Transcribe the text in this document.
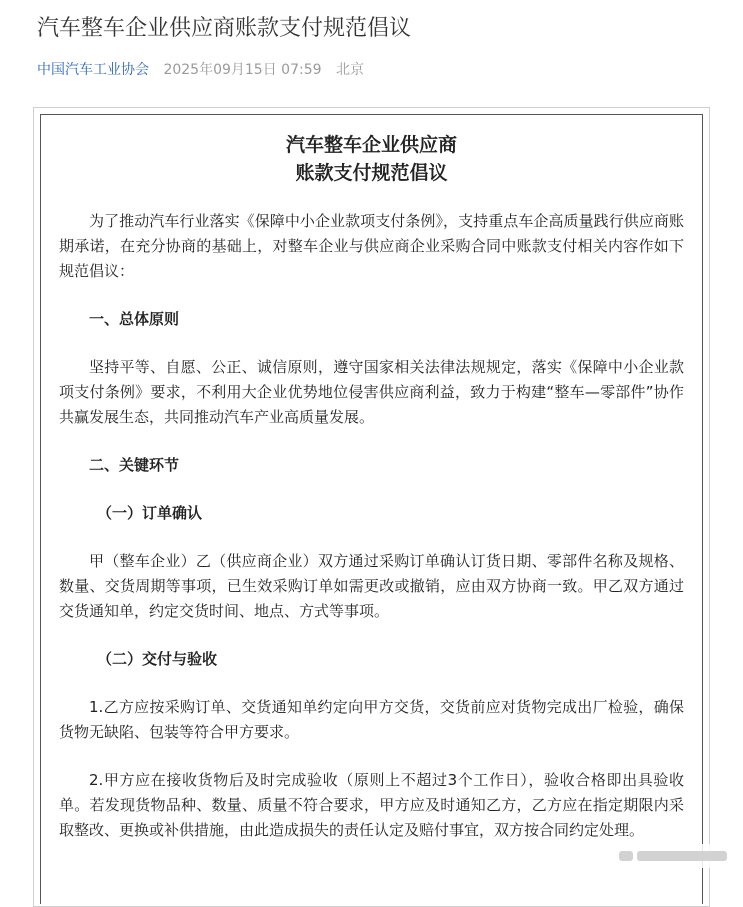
汽车整车企业供应商账款支付规范倡议
中国汽车工业协会 2025年09月15日 07:59 北京
汽车整车企业供应商
账款支付规范倡议

为了推动汽车行业落实《保障中小企业款项支付条例》，支持重点车企高质量践行供应商账期承诺，在充分协商的基础上，对整车企业与供应商企业采购合同中账款支付相关内容作如下规范倡议：

一、总体原则

坚持平等、自愿、公正、诚信原则，遵守国家相关法律法规规定，落实《保障中小企业款项支付条例》要求，不利用大企业优势地位侵害供应商利益，致力于构建“整车—零部件”协作共赢发展生态，共同推动汽车产业高质量发展。

二、关键环节

（一）订单确认

甲（整车企业）乙（供应商企业）双方通过采购订单确认订货日期、零部件名称及规格、数量、交货周期等事项，已生效采购订单如需更改或撤销，应由双方协商一致。甲乙双方通过交货通知单，约定交货时间、地点、方式等事项。

（二）交付与验收

1.乙方应按采购订单、交货通知单约定向甲方交货，交货前应对货物完成出厂检验，确保货物无缺陷、包装等符合甲方要求。

2.甲方应在接收货物后及时完成验收（原则上不超过3个工作日），验收合格即出具验收单。若发现货物品种、数量、质量不符合要求，甲方应及时通知乙方，乙方应在指定期限内采取整改、更换或补供措施，由此造成损失的责任认定及赔付事宜，双方按合同约定处理。
